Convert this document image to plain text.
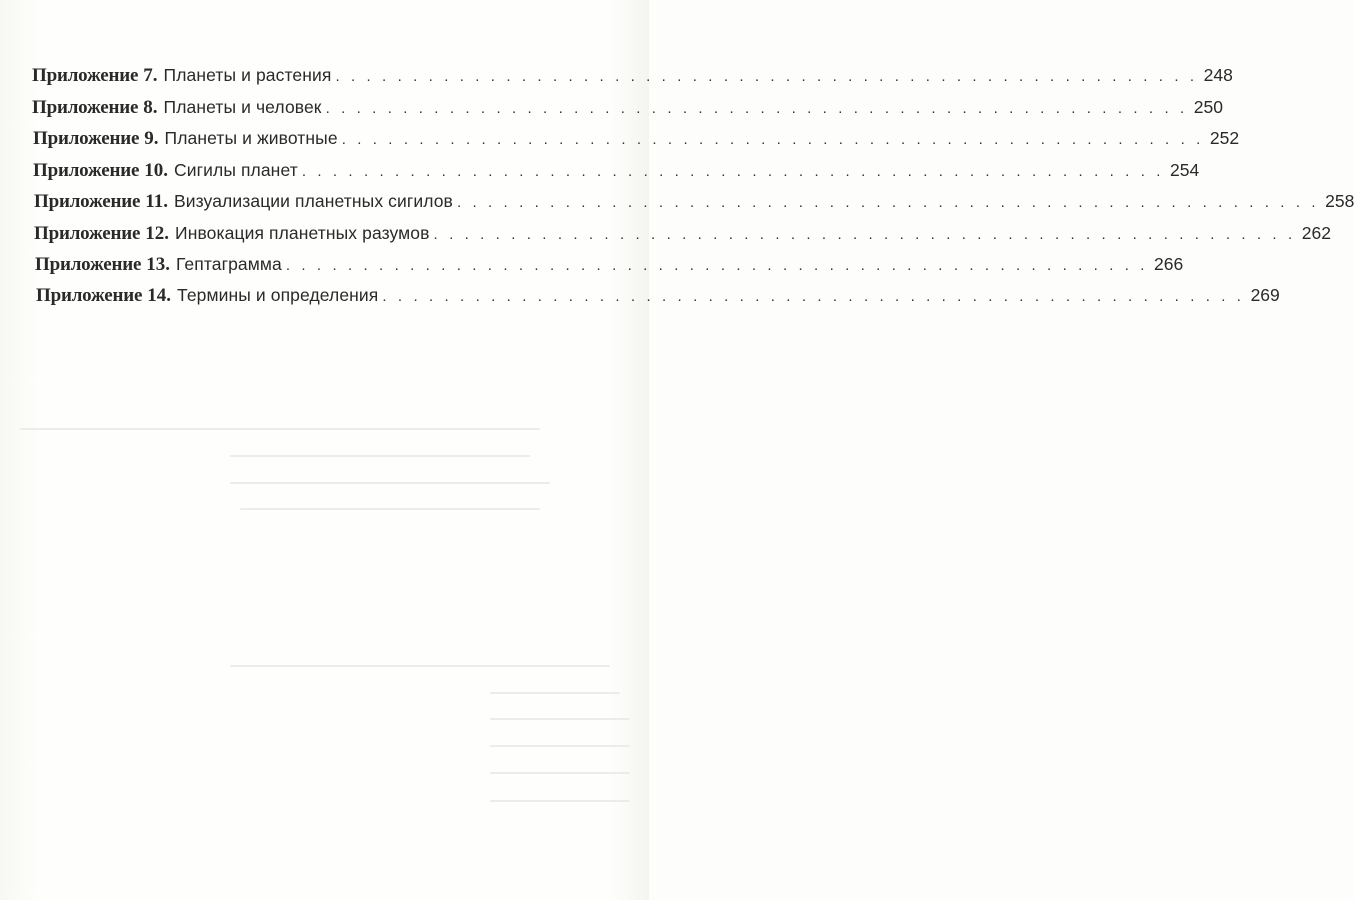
Приложение 7. Планеты и растения . . . . . . . . . . . . . . . . . . . . . . . . . . . . . . . . . . . . . . . . . . . . . . . . . . . . . . . . 248
Приложение 8. Планеты и человек . . . . . . . . . . . . . . . . . . . . . . . . . . . . . . . . . . . . . . . . . . . . . . . . . . . . . . . . 250
Приложение 9. Планеты и животные . . . . . . . . . . . . . . . . . . . . . . . . . . . . . . . . . . . . . . . . . . . . . . . . . . . . . . . . 252
Приложение 10. Сигилы планет . . . . . . . . . . . . . . . . . . . . . . . . . . . . . . . . . . . . . . . . . . . . . . . . . . . . . . . . 254
Приложение 11. Визуализации планетных сигилов . . . . . . . . . . . . . . . . . . . . . . . . . . . . . . . . . . . . . . . . . . . . . . . . . . . . . . . . 258
Приложение 12. Инвокация планетных разумов . . . . . . . . . . . . . . . . . . . . . . . . . . . . . . . . . . . . . . . . . . . . . . . . . . . . . . . . 262
Приложение 13. Гептаграмма . . . . . . . . . . . . . . . . . . . . . . . . . . . . . . . . . . . . . . . . . . . . . . . . . . . . . . . . 266
Приложение 14. Термины и определения . . . . . . . . . . . . . . . . . . . . . . . . . . . . . . . . . . . . . . . . . . . . . . . . . . . . . . . . 269
